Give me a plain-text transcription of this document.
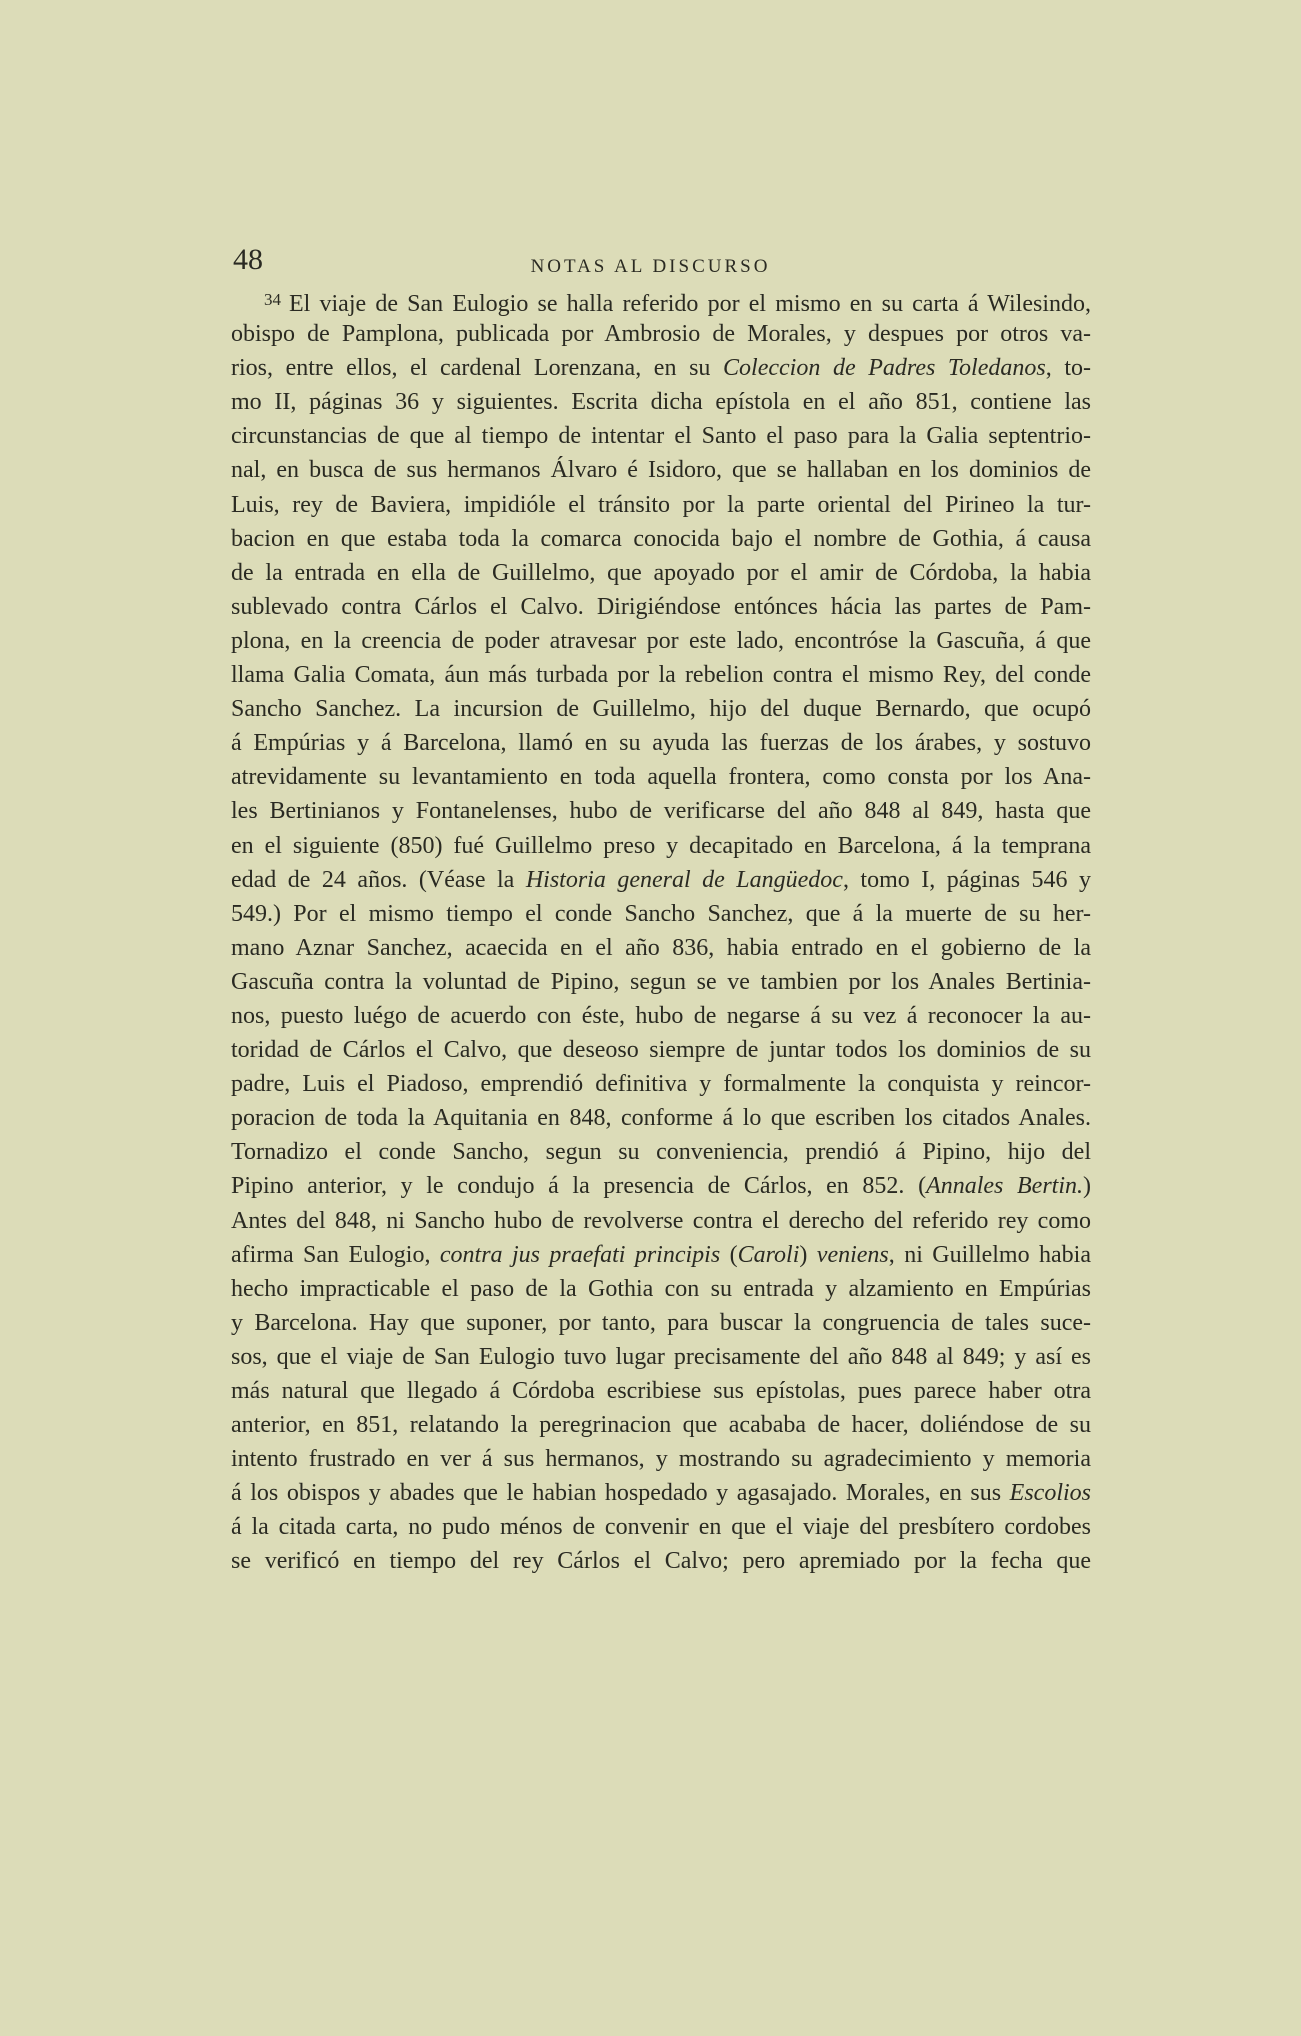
48	NOTAS AL DISCURSO
$^{34}$ El viaje de San Eulogio se halla referido por el mismo en su carta á Wilesindo,
obispo de Pamplona, publicada por Ambrosio de Morales, y despues por otros va-
rios, entre ellos, el cardenal Lorenzana, en su Coleccion de Padres Toledanos, to-
mo II, páginas 36 y siguientes. Escrita dicha epístola en el año 851, contiene las
circunstancias de que al tiempo de intentar el Santo el paso para la Galia septentrio-
nal, en busca de sus hermanos Álvaro é Isidoro, que se hallaban en los dominios de
Luis, rey de Baviera, impidióle el tránsito por la parte oriental del Pirineo la tur-
bacion en que estaba toda la comarca conocida bajo el nombre de Gothia, á causa
de la entrada en ella de Guillelmo, que apoyado por el amir de Córdoba, la habia
sublevado contra Cárlos el Calvo. Dirigiéndose entónces hácia las partes de Pam-
plona, en la creencia de poder atravesar por este lado, encontróse la Gascuña, á que
llama Galia Comata, áun más turbada por la rebelion contra el mismo Rey, del conde
Sancho Sanchez. La incursion de Guillelmo, hijo del duque Bernardo, que ocupó
á Empúrias y á Barcelona, llamó en su ayuda las fuerzas de los árabes, y sostuvo
atrevidamente su levantamiento en toda aquella frontera, como consta por los Ana-
les Bertinianos y Fontanelenses, hubo de verificarse del año 848 al 849, hasta que
en el siguiente (850) fué Guillelmo preso y decapitado en Barcelona, á la temprana
edad de 24 años. (Véase la Historia general de Langüedoc, tomo I, páginas 546 y
549.) Por el mismo tiempo el conde Sancho Sanchez, que á la muerte de su her-
mano Aznar Sanchez, acaecida en el año 836, habia entrado en el gobierno de la
Gascuña contra la voluntad de Pipino, segun se ve tambien por los Anales Bertinia-
nos, puesto luégo de acuerdo con éste, hubo de negarse á su vez á reconocer la au-
toridad de Cárlos el Calvo, que deseoso siempre de juntar todos los dominios de su
padre, Luis el Piadoso, emprendió definitiva y formalmente la conquista y reincor-
poracion de toda la Aquitania en 848, conforme á lo que escriben los citados Anales.
Tornadizo el conde Sancho, segun su conveniencia, prendió á Pipino, hijo del
Pipino anterior, y le condujo á la presencia de Cárlos, en 852. (Annales Bertin.)
Antes del 848, ni Sancho hubo de revolverse contra el derecho del referido rey como
afirma San Eulogio, contra jus praefati principis (Caroli) veniens, ni Guillelmo habia
hecho impracticable el paso de la Gothia con su entrada y alzamiento en Empúrias
y Barcelona. Hay que suponer, por tanto, para buscar la congruencia de tales suce-
sos, que el viaje de San Eulogio tuvo lugar precisamente del año 848 al 849; y así es
más natural que llegado á Córdoba escribiese sus epístolas, pues parece haber otra
anterior, en 851, relatando la peregrinacion que acababa de hacer, doliéndose de su
intento frustrado en ver á sus hermanos, y mostrando su agradecimiento y memoria
á los obispos y abades que le habian hospedado y agasajado. Morales, en sus Escolios
á la citada carta, no pudo ménos de convenir en que el viaje del presbítero cordobes
se verificó en tiempo del rey Cárlos el Calvo; pero apremiado por la fecha que
